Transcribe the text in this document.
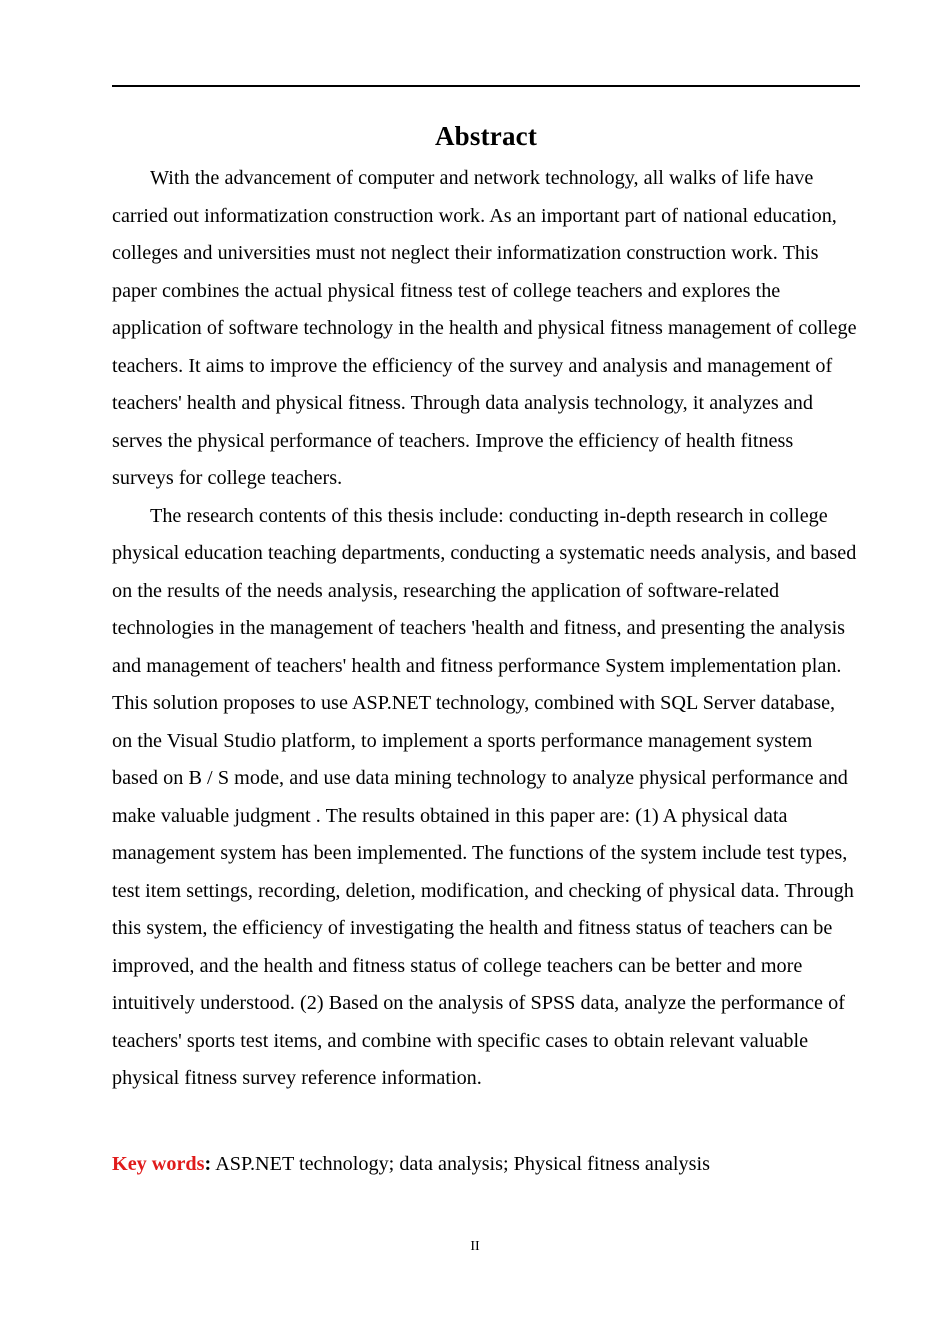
Abstract

With the advancement of computer and network technology, all walks of life have carried out informatization construction work. As an important part of national education, colleges and universities must not neglect their informatization construction work. This paper combines the actual physical fitness test of college teachers and explores the application of software technology in the health and physical fitness management of college teachers. It aims to improve the efficiency of the survey and analysis and management of teachers' health and physical fitness. Through data analysis technology, it analyzes and serves the physical performance of teachers. Improve the efficiency of health fitness surveys for college teachers.

The research contents of this thesis include: conducting in-depth research in college physical education teaching departments, conducting a systematic needs analysis, and based on the results of the needs analysis, researching the application of software-related technologies in the management of teachers 'health and fitness, and presenting the analysis and management of teachers' health and fitness performance System implementation plan. This solution proposes to use ASP.NET technology, combined with SQL Server database, on the Visual Studio platform, to implement a sports performance management system based on B / S mode, and use data mining technology to analyze physical performance and make valuable judgment . The results obtained in this paper are: (1) A physical data management system has been implemented. The functions of the system include test types, test item settings, recording, deletion, modification, and checking of physical data. Through this system, the efficiency of investigating the health and fitness status of teachers can be improved, and the health and fitness status of college teachers can be better and more intuitively understood. (2) Based on the analysis of SPSS data, analyze the performance of teachers' sports test items, and combine with specific cases to obtain relevant valuable physical fitness survey reference information.

Key words: ASP.NET technology; data analysis; Physical fitness analysis

II
